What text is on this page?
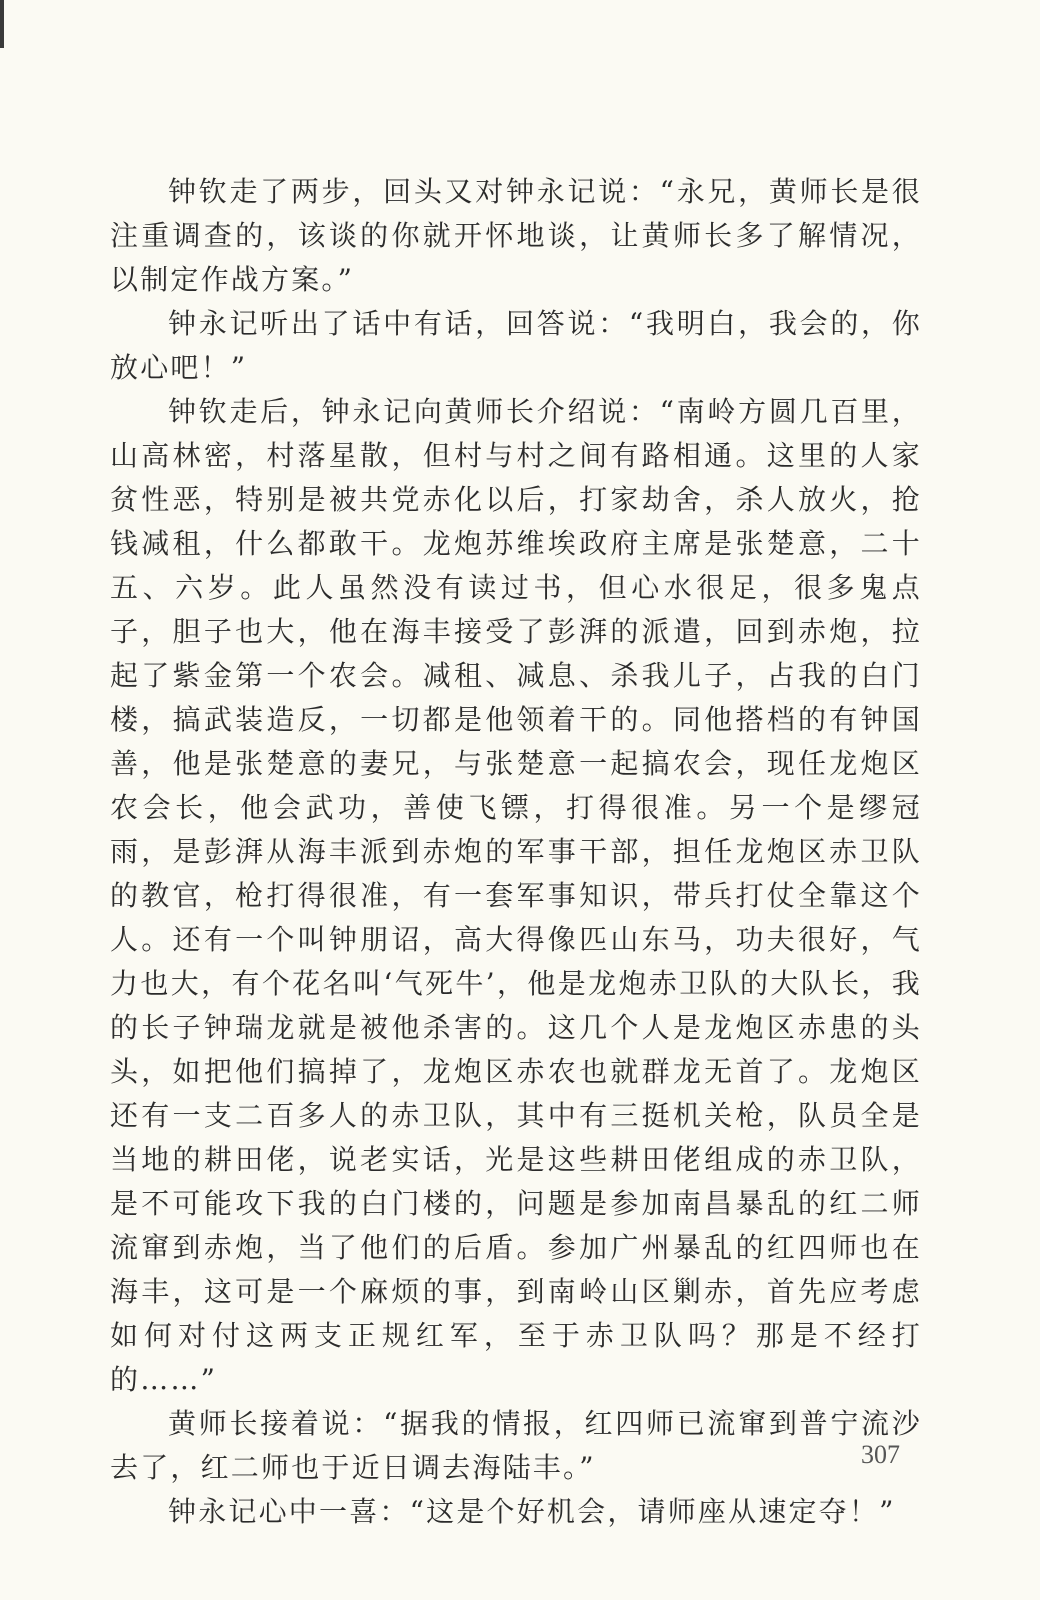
钟钦走了两步，回头又对钟永记说：“永兄，黄师长是很注重调查的，该谈的你就开怀地谈，让黄师长多了解情况，以制定作战方案。”

钟永记听出了话中有话，回答说：“我明白，我会的，你放心吧！”

钟钦走后，钟永记向黄师长介绍说：“南岭方圆几百里，山高林密，村落星散，但村与村之间有路相通。这里的人家贫性恶，特别是被共党赤化以后，打家劫舍，杀人放火，抢钱减租，什么都敢干。龙炮苏维埃政府主席是张楚意，二十五、六岁。此人虽然没有读过书，但心水很足，很多鬼点子，胆子也大，他在海丰接受了彭湃的派遣，回到赤炮，拉起了紫金第一个农会。减租、减息、杀我儿子，占我的白门楼，搞武装造反，一切都是他领着干的。同他搭档的有钟国善，他是张楚意的妻兄，与张楚意一起搞农会，现任龙炮区农会长，他会武功，善使飞镖，打得很准。另一个是缪冠雨，是彭湃从海丰派到赤炮的军事干部，担任龙炮区赤卫队的教官，枪打得很准，有一套军事知识，带兵打仗全靠这个人。还有一个叫钟朋诏，高大得像匹山东马，功夫很好，气力也大，有个花名叫‘气死牛’，他是龙炮赤卫队的大队长，我的长子钟瑞龙就是被他杀害的。这几个人是龙炮区赤患的头头，如把他们搞掉了，龙炮区赤农也就群龙无首了。龙炮区还有一支二百多人的赤卫队，其中有三挺机关枪，队员全是当地的耕田佬，说老实话，光是这些耕田佬组成的赤卫队，是不可能攻下我的白门楼的，问题是参加南昌暴乱的红二师流窜到赤炮，当了他们的后盾。参加广州暴乱的红四师也在海丰，这可是一个麻烦的事，到南岭山区剿赤，首先应考虑如何对付这两支正规红军，至于赤卫队吗？那是不经打的……”

黄师长接着说：“据我的情报，红四师已流窜到普宁流沙去了，红二师也于近日调去海陆丰。”

钟永记心中一喜：“这是个好机会，请师座从速定夺！”

307
